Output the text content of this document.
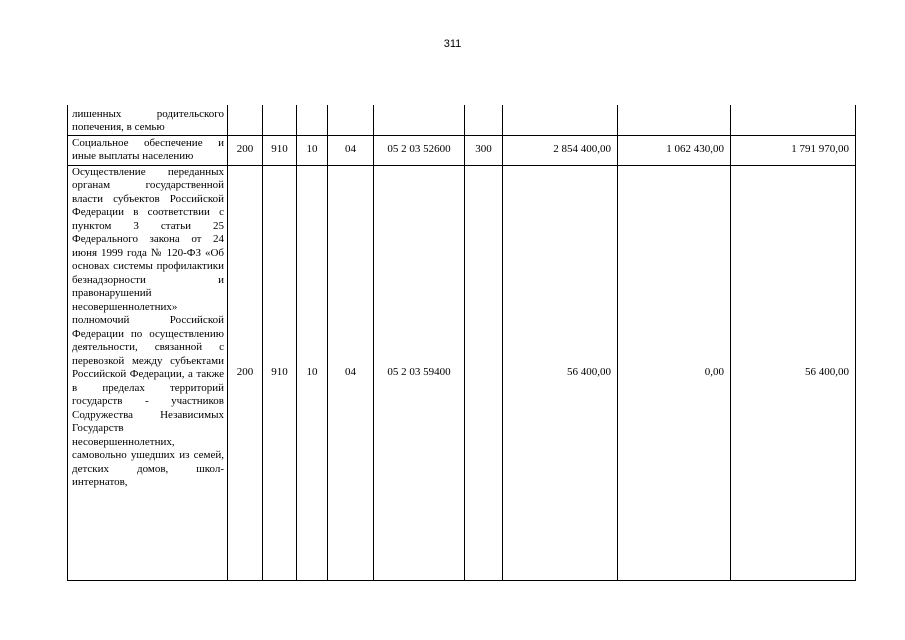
311
лишенных родительского попечения, в семью									
Социальное обеспечение и иные выплаты населению	200	910	10	04	05 2 03 52600	300	2 854 400,00	1 062 430,00	1 791 970,00
Осуществление переданных органам государственной власти субъектов Российской Федерации в соответствии с пунктом 3 статьи 25 Федерального закона от 24 июня 1999 года № 120-ФЗ «Об основах системы профилактики безнадзорности и правонарушений несовершеннолетних» полномочий Российской Федерации по осуществлению деятельности, связанной с перевозкой между субъектами Российской Федерации, а также в пределах территорий государств - участников Содружества Независимых Государств несовершеннолетних, самовольно ушедших из семей, детских домов, школ-интернатов,	200	910	10	04	05 2 03 59400		56 400,00	0,00	56 400,00
